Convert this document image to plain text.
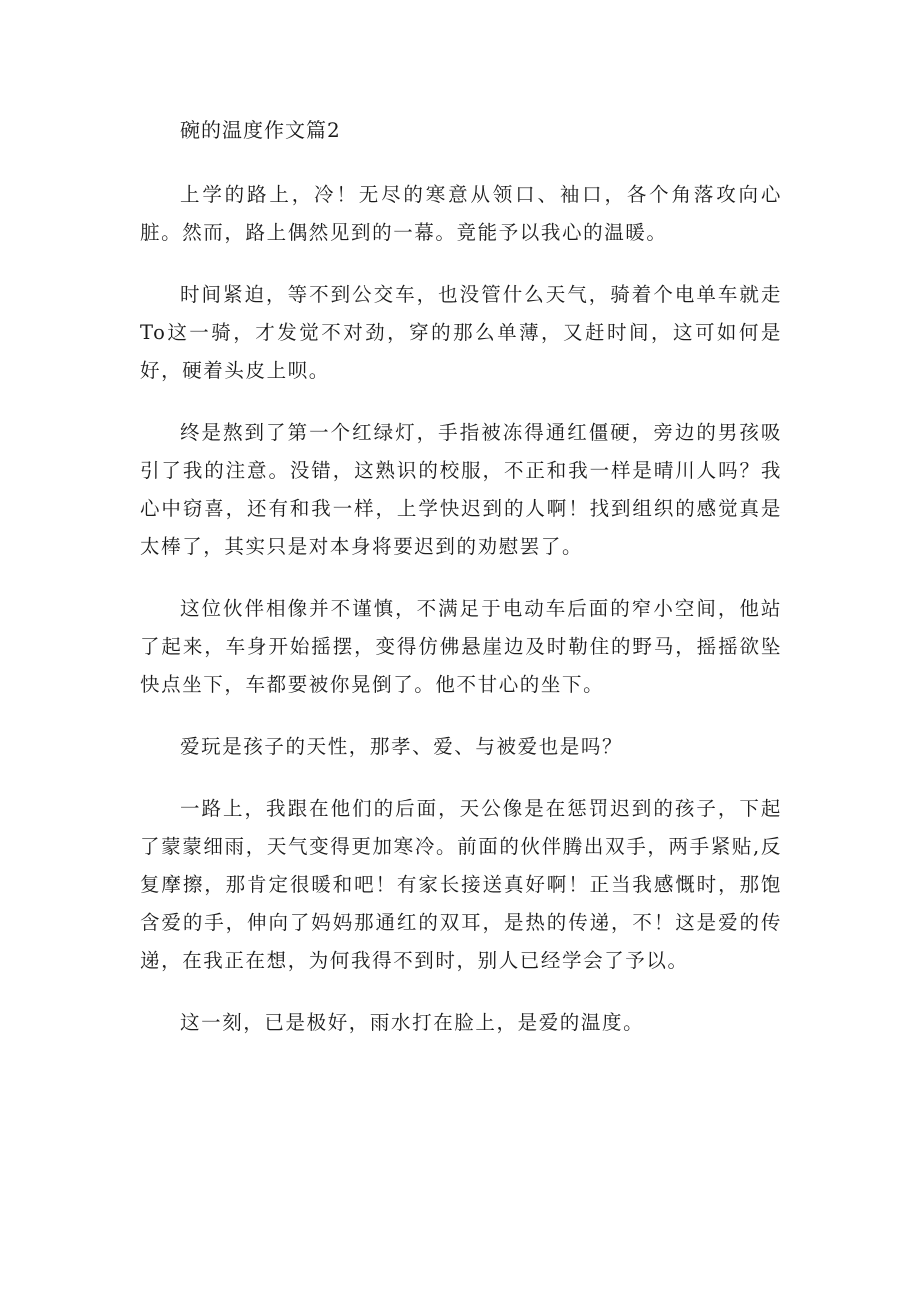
碗的温度作文篇2

上学的路上，冷！无尽的寒意从领口、袖口，各个角落攻向心脏。然而，路上偶然见到的一幕。竟能予以我心的温暖。

时间紧迫，等不到公交车，也没管什么天气，骑着个电单车就走To这一骑，才发觉不对劲，穿的那么单薄，又赶时间，这可如何是好，硬着头皮上呗。

终是熬到了第一个红绿灯，手指被冻得通红僵硬，旁边的男孩吸引了我的注意。没错，这熟识的校服，不正和我一样是晴川人吗？我心中窃喜，还有和我一样，上学快迟到的人啊！找到组织的感觉真是太棒了，其实只是对本身将要迟到的劝慰罢了。

这位伙伴相像并不谨慎，不满足于电动车后面的窄小空间，他站了起来，车身开始摇摆，变得仿佛悬崖边及时勒住的野马，摇摇欲坠快点坐下，车都要被你晃倒了。他不甘心的坐下。

爱玩是孩子的天性，那孝、爱、与被爱也是吗？

一路上，我跟在他们的后面，天公像是在惩罚迟到的孩子，下起了蒙蒙细雨，天气变得更加寒冷。前面的伙伴腾出双手，两手紧贴,反复摩擦，那肯定很暖和吧！有家长接送真好啊！正当我感慨时，那饱含爱的手，伸向了妈妈那通红的双耳，是热的传递，不！这是爱的传递，在我正在想，为何我得不到时，别人已经学会了予以。

这一刻，已是极好，雨水打在脸上，是爱的温度。
